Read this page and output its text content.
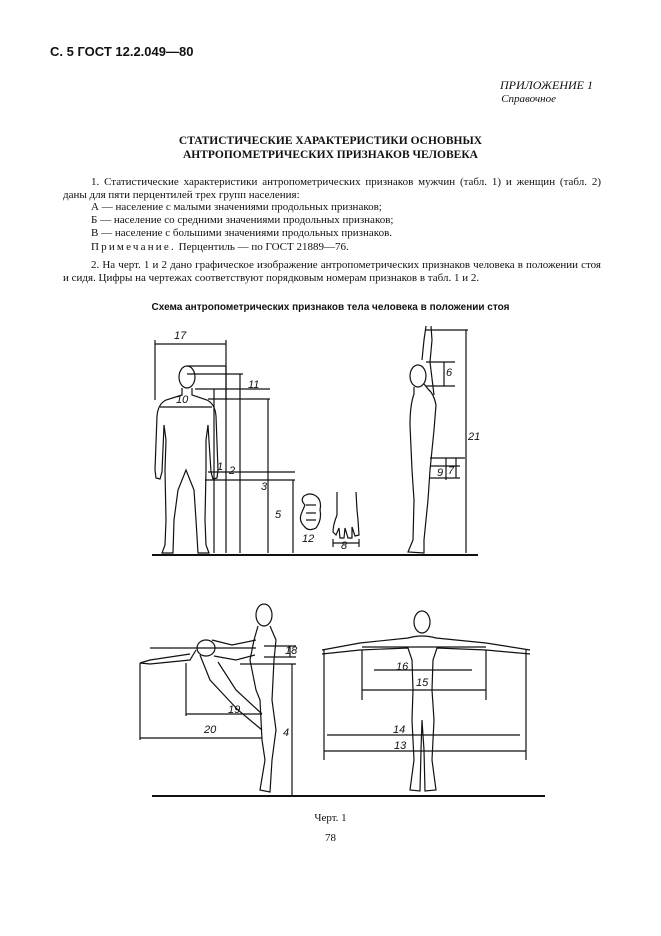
С. 5 ГОСТ 12.2.049—80
ПРИЛОЖЕНИЕ 1
Справочное
СТАТИСТИЧЕСКИЕ ХАРАКТЕРИСТИКИ ОСНОВНЫХ
АНТРОПОМЕТРИЧЕСКИХ ПРИЗНАКОВ ЧЕЛОВЕКА
1. Статистические характеристики антропометрических признаков мужчин (табл. 1) и женщин (табл. 2) даны для пяти перцентилей трех групп населения:
А — население с малыми значениями продольных признаков;
Б — население со средними значениями продольных признаков;
В — население с большими значениями продольных признаков.
Примечание. Перцентиль — по ГОСТ 21889—76.
2. На черт. 1 и 2 дано графическое изображение антропометрических признаков человека в положении стоя и сидя. Цифры на чертежах соответствуют порядковым номерам признаков в табл. 1 и 2.
Схема антропометрических признаков тела человека в положении стоя
17
10
11
1 2
3
5
12
8
6
21
9 7
18
19
20	4
16
15
14
13
Черт. 1
78
